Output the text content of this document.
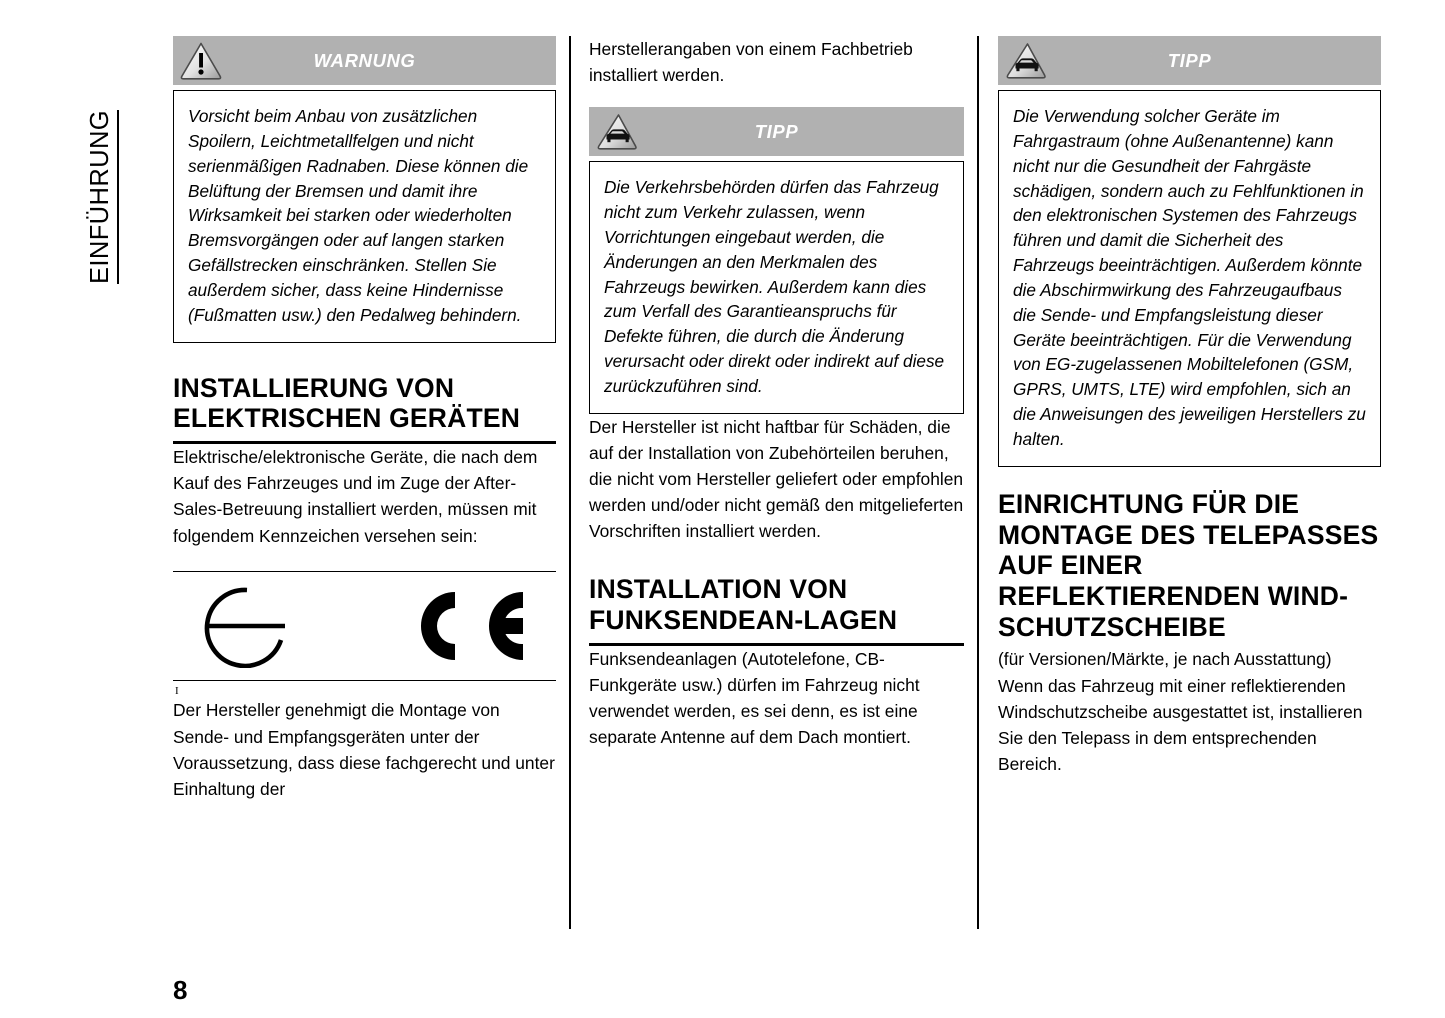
EINFÜHRUNG
WARNUNG

Vorsicht beim Anbau von zusätzlichen Spoilern, Leichtmetallfelgen und nicht serienmäßigen Radnaben. Diese können die Belüftung der Bremsen und damit ihre Wirksamkeit bei starken oder wiederholten Bremsvorgängen oder auf langen starken Gefällstrecken einschränken. Stellen Sie außerdem sicher, dass keine Hindernisse (Fußmatten usw.) den Pedalweg behindern.

INSTALLIERUNG VON ELEKTRISCHEN GERÄTEN

Elektrische/elektronische Geräte, die nach dem Kauf des Fahrzeuges und im Zuge der After-Sales-Betreuung installiert werden, müssen mit folgendem Kennzeichen versehen sein:

I

Der Hersteller genehmigt die Montage von Sende- und Empfangsgeräten unter der Voraussetzung, dass diese fachgerecht und unter Einhaltung der

Herstellerangaben von einem Fachbetrieb installiert werden.

TIPP

Die Verkehrsbehörden dürfen das Fahrzeug nicht zum Verkehr zulassen, wenn Vorrichtungen eingebaut werden, die Änderungen an den Merkmalen des Fahrzeugs bewirken. Außerdem kann dies zum Verfall des Garantieanspruchs für Defekte führen, die durch die Änderung verursacht oder direkt oder indirekt auf diese zurückzuführen sind.

Der Hersteller ist nicht haftbar für Schäden, die auf der Installation von Zubehörteilen beruhen, die nicht vom Hersteller geliefert oder empfohlen werden und/oder nicht gemäß den mitgelieferten Vorschriften installiert werden.

INSTALLATION VON FUNKSENDEAN-LAGEN

Funksendeanlagen (Autotelefone, CB-Funkgeräte usw.) dürfen im Fahrzeug nicht verwendet werden, es sei denn, es ist eine separate Antenne auf dem Dach montiert.

TIPP

Die Verwendung solcher Geräte im Fahrgastraum (ohne Außenantenne) kann nicht nur die Gesundheit der Fahrgäste schädigen, sondern auch zu Fehlfunktionen in den elektronischen Systemen des Fahrzeugs führen und damit die Sicherheit des Fahrzeugs beeinträchtigen. Außerdem könnte die Abschirmwirkung des Fahrzeugaufbaus die Sende- und Empfangsleistung dieser Geräte beeinträchtigen. Für die Verwendung von EG-zugelassenen Mobiltelefonen (GSM, GPRS, UMTS, LTE) wird empfohlen, sich an die Anweisungen des jeweiligen Herstellers zu halten.

EINRICHTUNG FÜR DIE MONTAGE DES TELEPASSES AUF EINER REFLEKTIERENDEN WIND-SCHUTZSCHEIBE

(für Versionen/Märkte, je nach Ausstattung)

Wenn das Fahrzeug mit einer reflektierenden Windschutzscheibe ausgestattet ist, installieren Sie den Telepass in dem entsprechenden Bereich.

8
